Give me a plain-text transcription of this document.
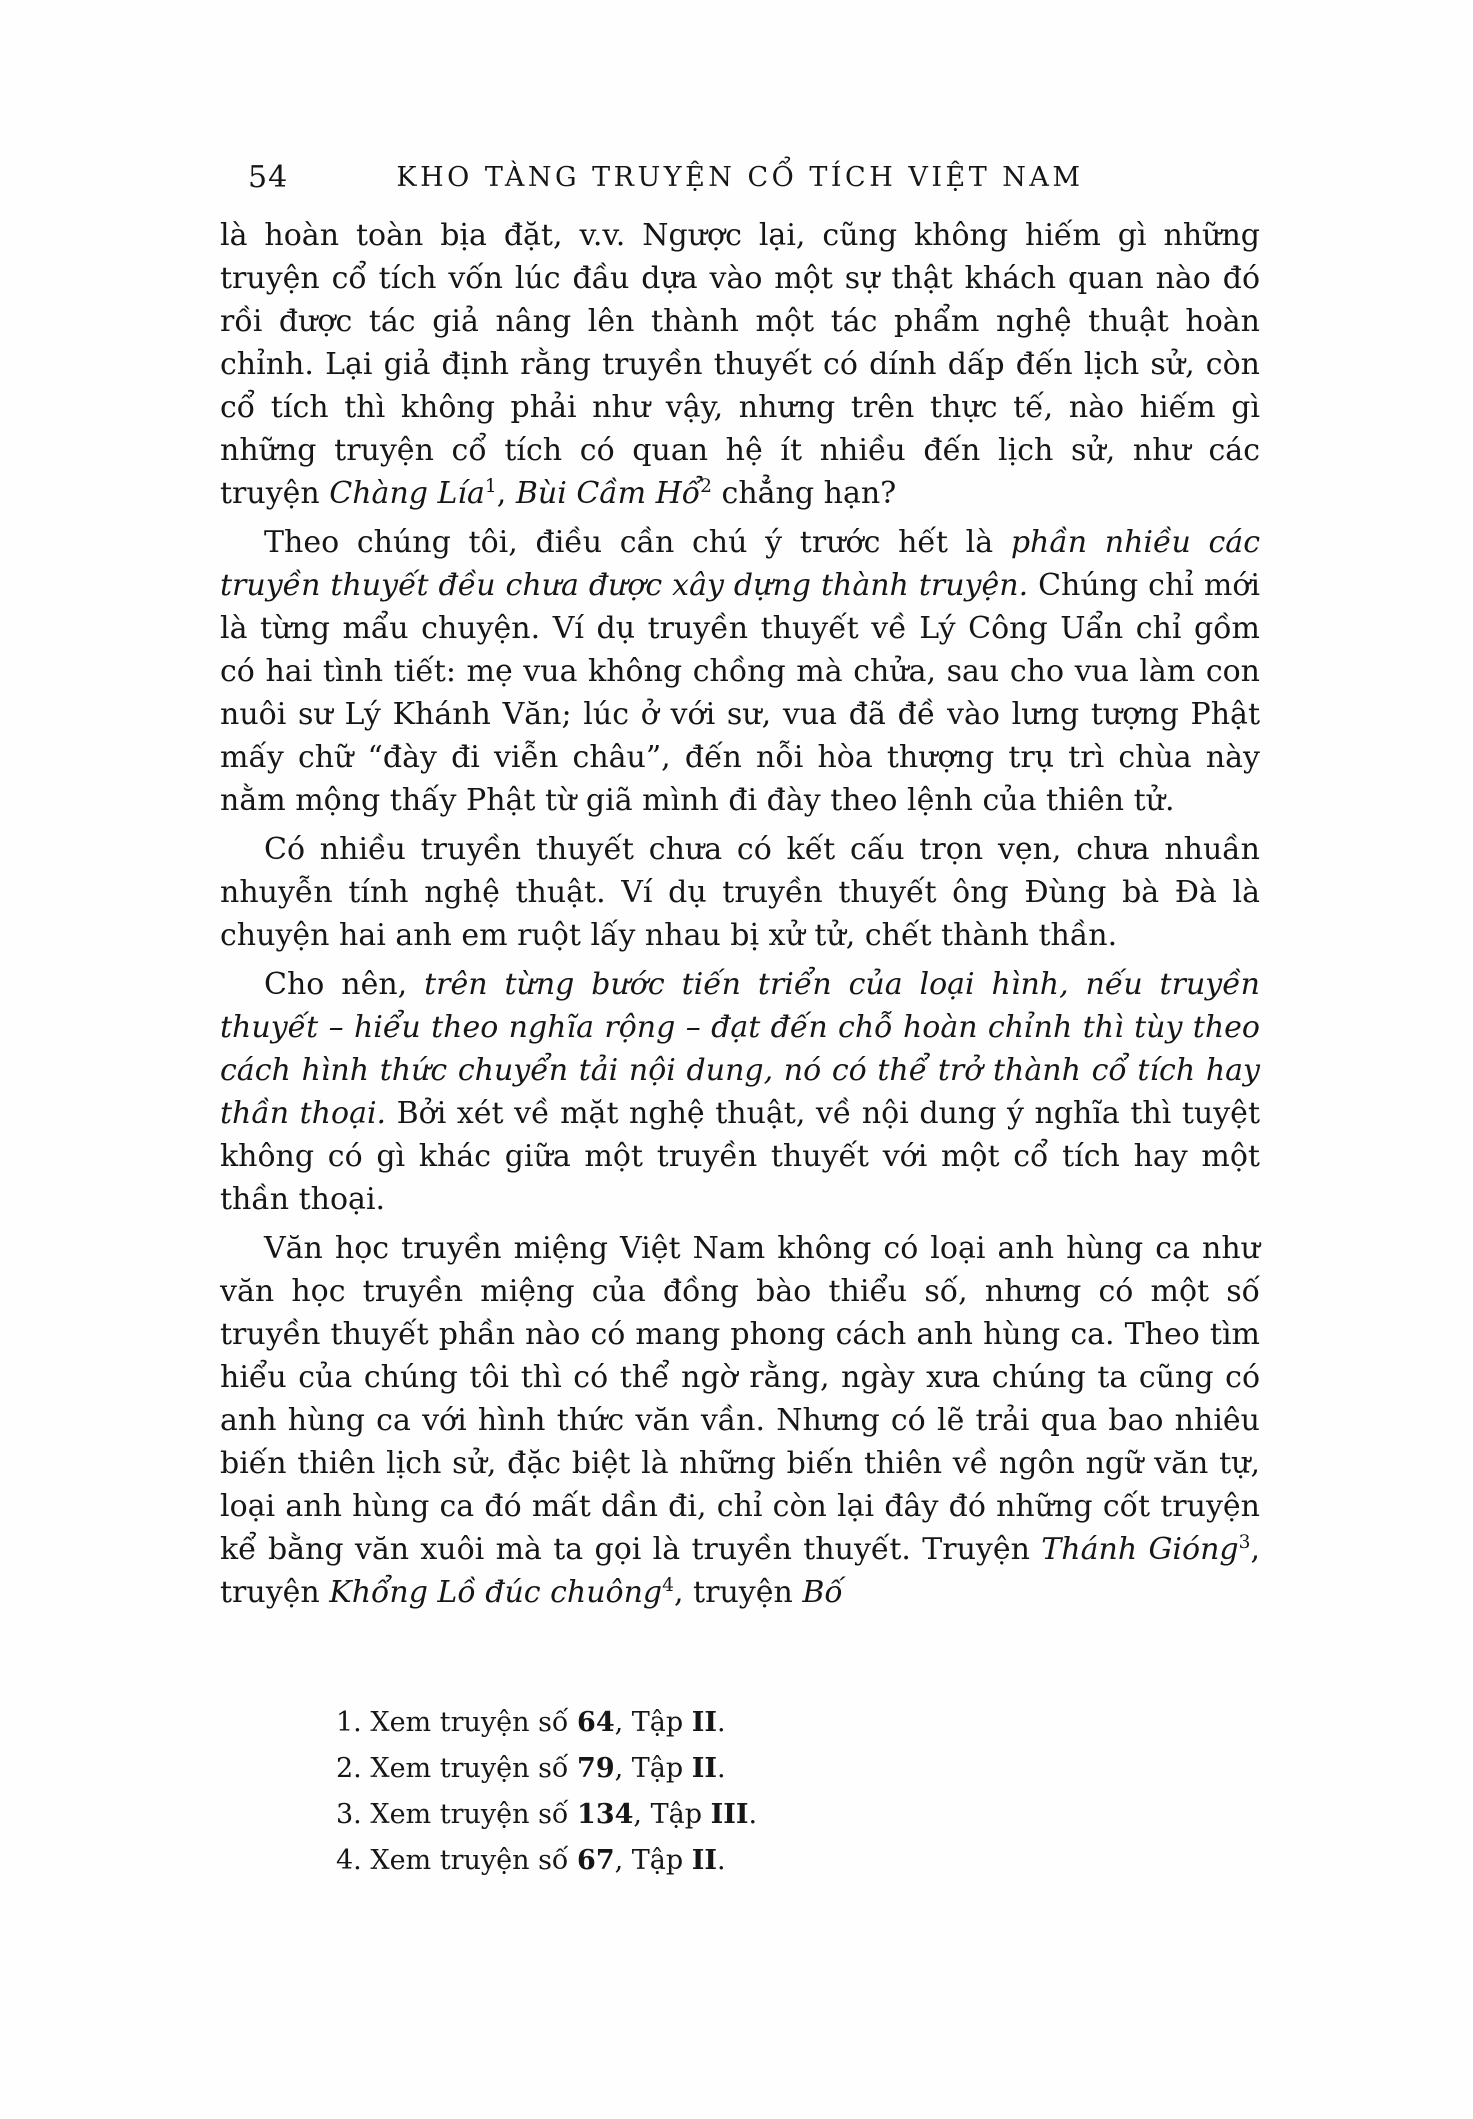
54	KHO TÀNG TRUYỆN CỔ TÍCH VIỆT NAM

là hoàn toàn bịa đặt, v.v. Ngược lại, cũng không hiếm gì những truyện cổ tích vốn lúc đầu dựa vào một sự thật khách quan nào đó rồi được tác giả nâng lên thành một tác phẩm nghệ thuật hoàn chỉnh. Lại giả định rằng truyền thuyết có dính dấp đến lịch sử, còn cổ tích thì không phải như vậy, nhưng trên thực tế, nào hiếm gì những truyện cổ tích có quan hệ ít nhiều đến lịch sử, như các truyện Chàng Lía$^1$, Bùi Cầm Hổ$^2$ chẳng hạn?

Theo chúng tôi, điều cần chú ý trước hết là phần nhiều các truyền thuyết đều chưa được xây dựng thành truyện. Chúng chỉ mới là từng mẩu chuyện. Ví dụ truyền thuyết về Lý Công Uẩn chỉ gồm có hai tình tiết: mẹ vua không chồng mà chửa, sau cho vua làm con nuôi sư Lý Khánh Văn; lúc ở với sư, vua đã đề vào lưng tượng Phật mấy chữ “đày đi viễn châu”, đến nỗi hòa thượng trụ trì chùa này nằm mộng thấy Phật từ giã mình đi đày theo lệnh của thiên tử.

Có nhiều truyền thuyết chưa có kết cấu trọn vẹn, chưa nhuần nhuyễn tính nghệ thuật. Ví dụ truyền thuyết ông Đùng bà Đà là chuyện hai anh em ruột lấy nhau bị xử tử, chết thành thần.

Cho nên, trên từng bước tiến triển của loại hình, nếu truyền thuyết – hiểu theo nghĩa rộng – đạt đến chỗ hoàn chỉnh thì tùy theo cách hình thức chuyển tải nội dung, nó có thể trở thành cổ tích hay thần thoại. Bởi xét về mặt nghệ thuật, về nội dung ý nghĩa thì tuyệt không có gì khác giữa một truyền thuyết với một cổ tích hay một thần thoại.

Văn học truyền miệng Việt Nam không có loại anh hùng ca như văn học truyền miệng của đồng bào thiểu số, nhưng có một số truyền thuyết phần nào có mang phong cách anh hùng ca. Theo tìm hiểu của chúng tôi thì có thể ngờ rằng, ngày xưa chúng ta cũng có anh hùng ca với hình thức văn vần. Nhưng có lẽ trải qua bao nhiêu biến thiên lịch sử, đặc biệt là những biến thiên về ngôn ngữ văn tự, loại anh hùng ca đó mất dần đi, chỉ còn lại đây đó những cốt truyện kể bằng văn xuôi mà ta gọi là truyền thuyết. Truyện Thánh Gióng$^3$, truyện Khổng Lồ đúc chuông$^4$, truyện Bố

1. Xem truyện số 64, Tập II.

2. Xem truyện số 79, Tập II.

3. Xem truyện số 134, Tập III.

4. Xem truyện số 67, Tập II.
